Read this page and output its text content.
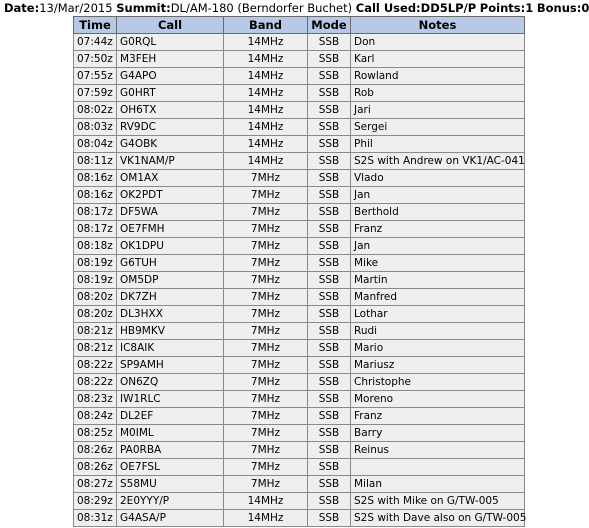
Date:13/Mar/2015 Summit:DL/AM-180 (Berndorfer Buchet) Call Used:DD5LP/P Points:1 Bonus:0
Time	Call	Band	Mode	Notes
07:44z	G0RQL	14MHz	SSB	Don
07:50z	M3FEH	14MHz	SSB	Karl
07:55z	G4APO	14MHz	SSB	Rowland
07:59z	G0HRT	14MHz	SSB	Rob
08:02z	OH6TX	14MHz	SSB	Jari
08:03z	RV9DC	14MHz	SSB	Sergei
08:04z	G4OBK	14MHz	SSB	Phil
08:11z	VK1NAM/P	14MHz	SSB	S2S with Andrew on VK1/AC-041
08:16z	OM1AX	7MHz	SSB	Vlado
08:16z	OK2PDT	7MHz	SSB	Jan
08:17z	DF5WA	7MHz	SSB	Berthold
08:17z	OE7FMH	7MHz	SSB	Franz
08:18z	OK1DPU	7MHz	SSB	Jan
08:19z	G6TUH	7MHz	SSB	Mike
08:19z	OM5DP	7MHz	SSB	Martin
08:20z	DK7ZH	7MHz	SSB	Manfred
08:20z	DL3HXX	7MHz	SSB	Lothar
08:21z	HB9MKV	7MHz	SSB	Rudi
08:21z	IC8AIK	7MHz	SSB	Mario
08:22z	SP9AMH	7MHz	SSB	Mariusz
08:22z	ON6ZQ	7MHz	SSB	Christophe
08:23z	IW1RLC	7MHz	SSB	Moreno
08:24z	DL2EF	7MHz	SSB	Franz
08:25z	M0IML	7MHz	SSB	Barry
08:26z	PA0RBA	7MHz	SSB	Reinus
08:26z	OE7FSL	7MHz	SSB	
08:27z	S58MU	7MHz	SSB	Milan
08:29z	2E0YYY/P	14MHz	SSB	S2S with Mike on G/TW-005
08:31z	G4ASA/P	14MHz	SSB	S2S with Dave also on G/TW-005
